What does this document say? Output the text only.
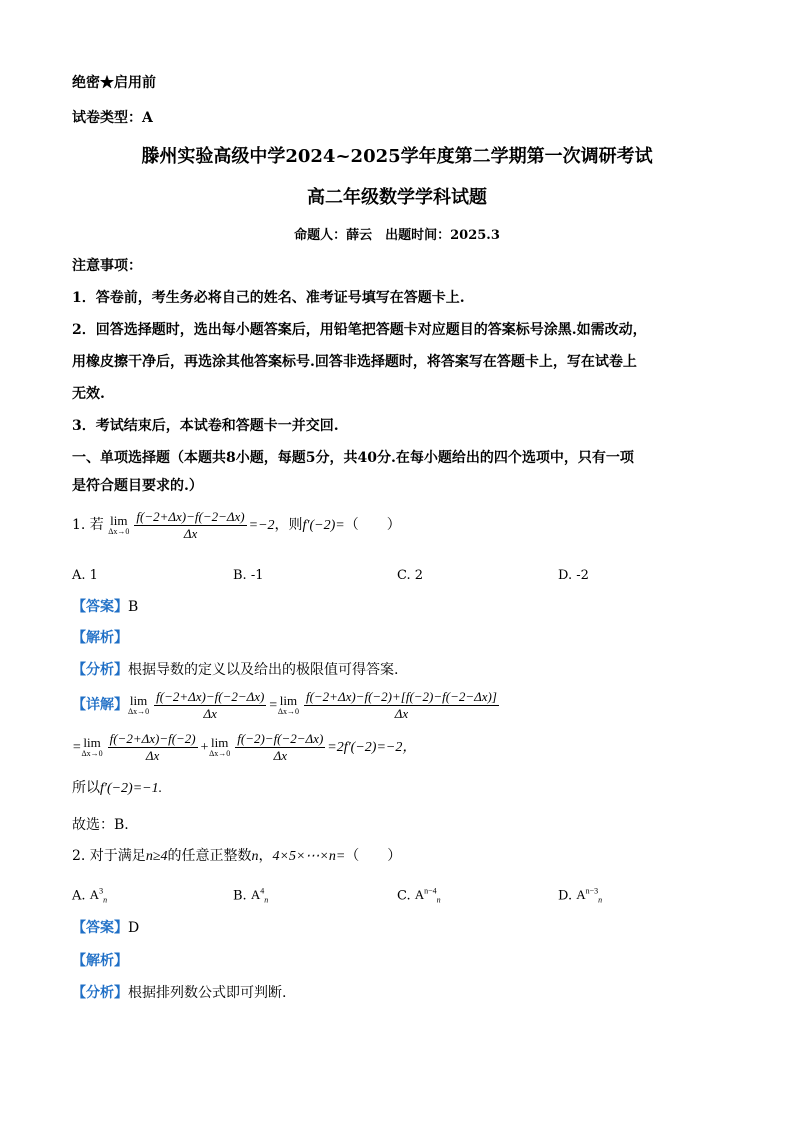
绝密★启用前
试卷类型：A
滕州实验高级中学2024~2025学年度第二学期第一次调研考试
高二年级数学学科试题
命题人：薛云　出题时间：2025.3
注意事项：
1．答卷前，考生务必将自己的姓名、准考证号填写在答题卡上.
2．回答选择题时，选出每小题答案后，用铅笔把答题卡对应题目的答案标号涂黑.如需改动，
用橡皮擦干净后，再选涂其他答案标号.回答非选择题时，将答案写在答题卡上，写在试卷上
无效.
3．考试结束后，本试卷和答题卡一并交回.
一、单项选择题（本题共8小题，每题5分，共40分.在每小题给出的四个选项中，只有一项
是符合题目要求的.）
1. 若 lim
$\Delta x\to 0 \frac{f(-2+\Delta x)-f(-2-\Delta x)}{\Delta x} =-2$，则f′(−2)=（　　）
A. 1	B. -1	C. 2	D. -2
【答案】B
【解析】
【分析】根据导数的定义以及给出的极限值可得答案.
【详解】 lim
$\Delta x\to 0 \frac{f(-2+\Delta x)-f(-2-\Delta x)}{\Delta x} = \lim$
$\Delta x\to 0 \frac{f(-2+\Delta x)-f(-2)+[f(-2)-f(-2-\Delta x)]}{\Delta x}$
= lim
$\Delta x\to 0 \frac{f(-2+\Delta x)-f(-2)}{\Delta x} + \lim$
$\Delta x\to 0 \frac{f(-2)-f(-2-\Delta x)}{\Delta x} =2f'(-2)=-2$，
所以f′(−2)=−1.
故选：B.
2. 对于满足n≥4的任意正整数n，4×5×⋯×n=（　　）
A. $A^3_n$	B. $A^4_n$	C. $A^{n-4}_n$	D. $A^{n-3}_n$
【答案】D
【解析】
【分析】根据排列数公式即可判断.
